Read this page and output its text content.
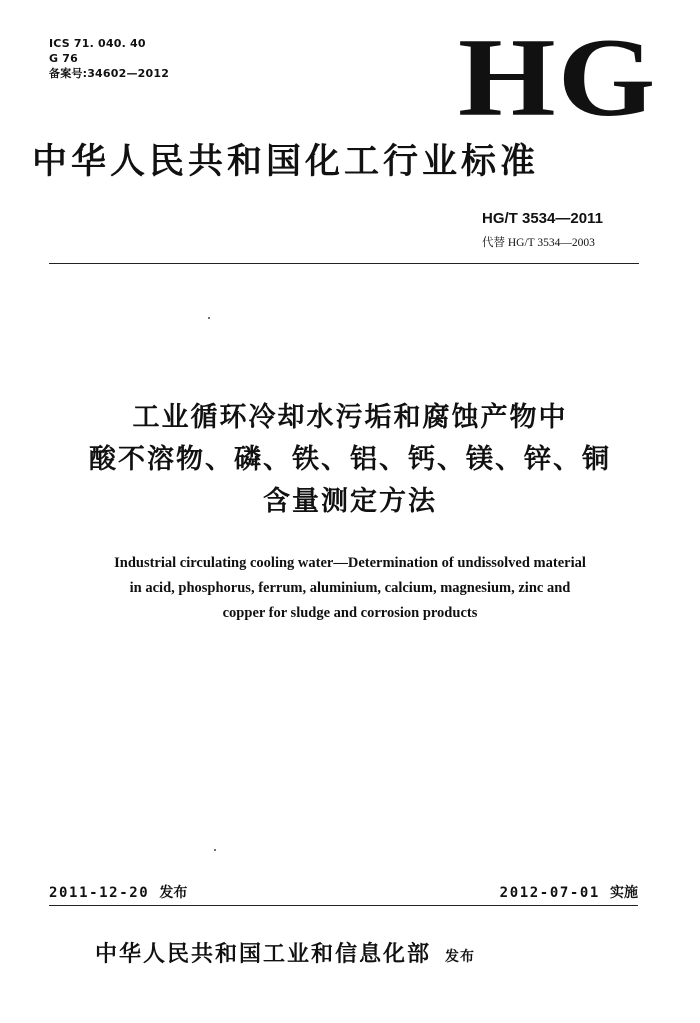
ICS 71. 040. 40
G 76
备案号:34602—2012	HG
中华人民共和国化工行业标准
HG/T 3534—2011
代替 HG/T 3534—2003
工业循环冷却水污垢和腐蚀产物中
酸不溶物、磷、铁、铝、钙、镁、锌、铜
含量测定方法
Industrial circulating cooling water—Determination of undissolved material
in acid, phosphorus, ferrum, aluminium, calcium, magnesium, zinc and
copper for sludge and corrosion products
2011-12-20 发布	2012-07-01 实施
中华人民共和国工业和信息化部 发布
